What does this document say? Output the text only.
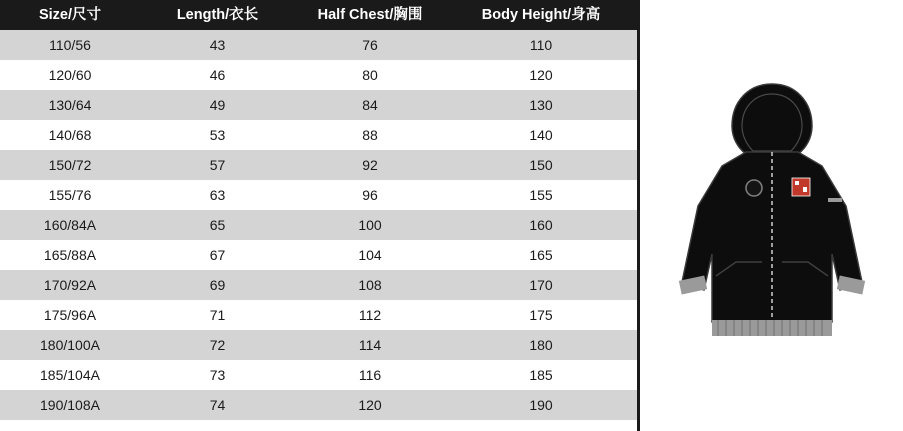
Size/尺寸	Length/衣长	Half Chest/胸围	Body Height/身高
110/56	43	76	110
120/60	46	80	120
130/64	49	84	130
140/68	53	88	140
150/72	57	92	150
155/76	63	96	155
160/84A	65	100	160
165/88A	67	104	165
170/92A	69	108	170
175/96A	71	112	175
180/100A	72	114	180
185/104A	73	116	185
190/108A	74	120	190
